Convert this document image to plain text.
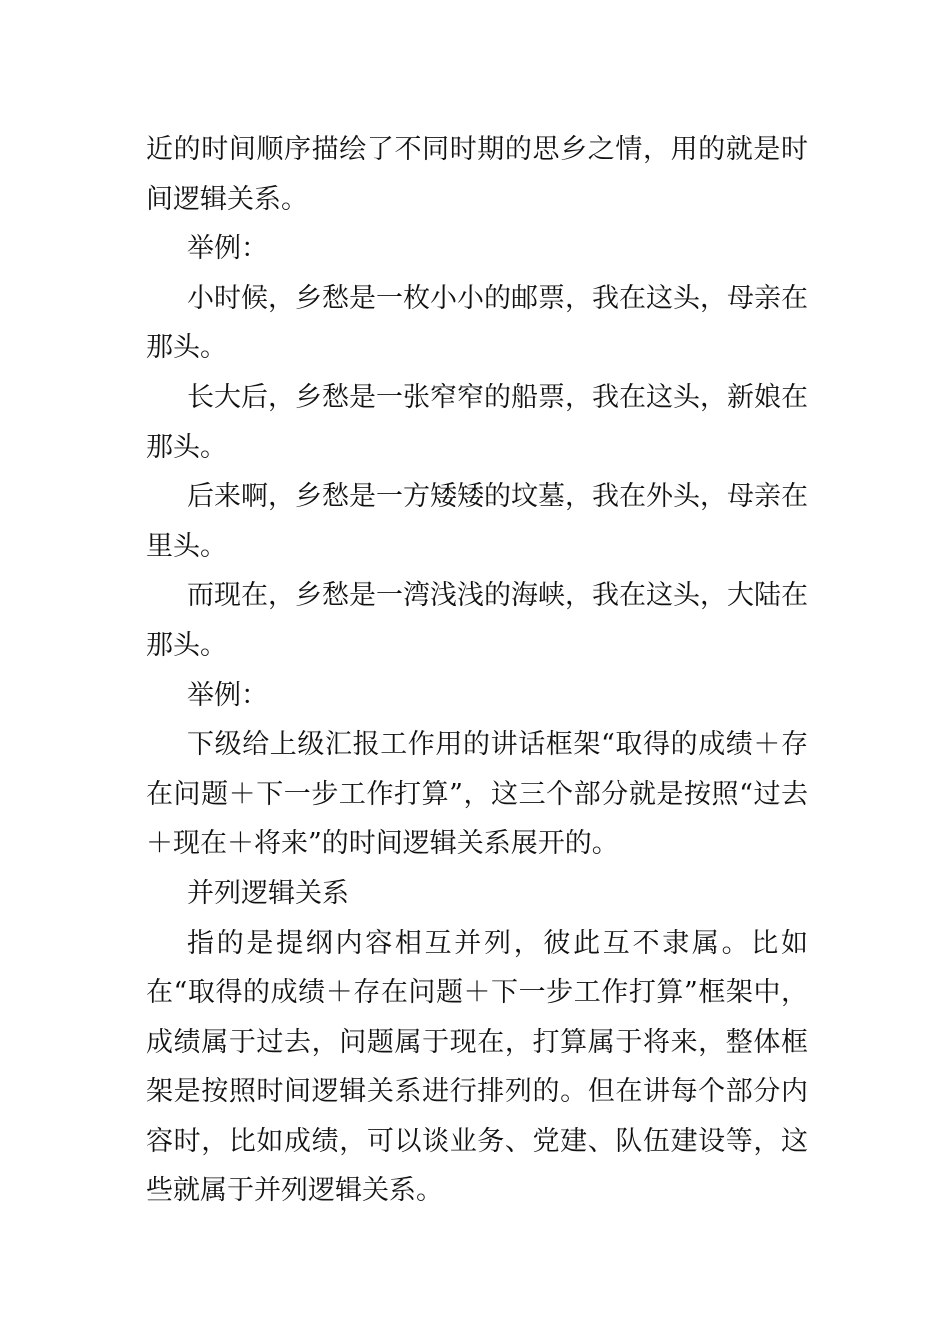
近的时间顺序描绘了不同时期的思乡之情，用的就是时间逻辑关系。

举例：

小时候，乡愁是一枚小小的邮票，我在这头，母亲在那头。

长大后，乡愁是一张窄窄的船票，我在这头，新娘在那头。

后来啊，乡愁是一方矮矮的坟墓，我在外头，母亲在里头。

而现在，乡愁是一湾浅浅的海峡，我在这头，大陆在那头。

举例：

下级给上级汇报工作用的讲话框架“取得的成绩＋存在问题＋下一步工作打算”，这三个部分就是按照“过去＋现在＋将来”的时间逻辑关系展开的。

并列逻辑关系

指的是提纲内容相互并列，彼此互不隶属。比如在“取得的成绩＋存在问题＋下一步工作打算”框架中，成绩属于过去，问题属于现在，打算属于将来，整体框架是按照时间逻辑关系进行排列的。但在讲每个部分内容时，比如成绩，可以谈业务、党建、队伍建设等，这些就属于并列逻辑关系。
